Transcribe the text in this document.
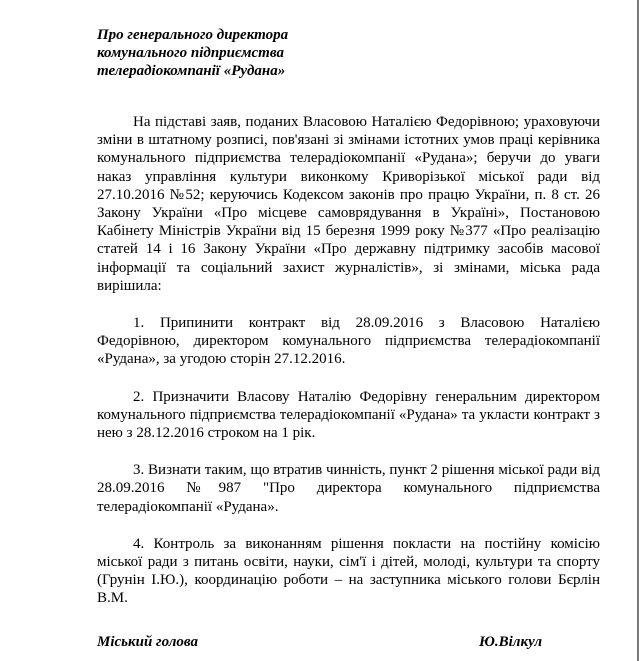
Про генерального директора
комунального підприємства
телерадіокомпанії «Рудана»

На підставі заяв, поданих Власовою Наталією Федорівною; ураховуючи зміни в штатному розписі, пов'язані зі змінами істотних умов праці керівника комунального підприємства телерадіокомпанії «Рудана»; беручи до уваги наказ управління культури виконкому Криворізької міської ради від 27.10.2016 №52; керуючись Кодексом законів про працю України, п. 8 ст. 26 Закону України «Про місцеве самоврядування в Україні», Постановою Кабінету Міністрів України від 15 березня 1999 року №377 «Про реалізацію статей 14 і 16 Закону України «Про державну підтримку засобів масової інформації та соціальний захист журналістів», зі змінами, міська рада вирішила:

1. Припинити контракт від 28.09.2016 з Власовою Наталією Федорівною, директором комунального підприємства телерадіокомпанії «Рудана», за угодою сторін 27.12.2016.

2. Призначити Власову Наталію Федорівну генеральним директором комунального підприємства телерадіокомпанії «Рудана» та укласти контракт з нею з 28.12.2016 строком на 1 рік.

3. Визнати таким, що втратив чинність, пункт 2 рішення міської ради від 28.09.2016 №987 "Про директора комунального підприємства телерадіокомпанії «Рудана».

4. Контроль за виконанням рішення покласти на постійну комісію міської ради з питань освіти, науки, сім'ї і дітей, молоді, культури та спорту (Грунін І.Ю.), координацію роботи – на заступника міського голови Бєрлін В.М.

Міський голова	Ю.Вілкул
